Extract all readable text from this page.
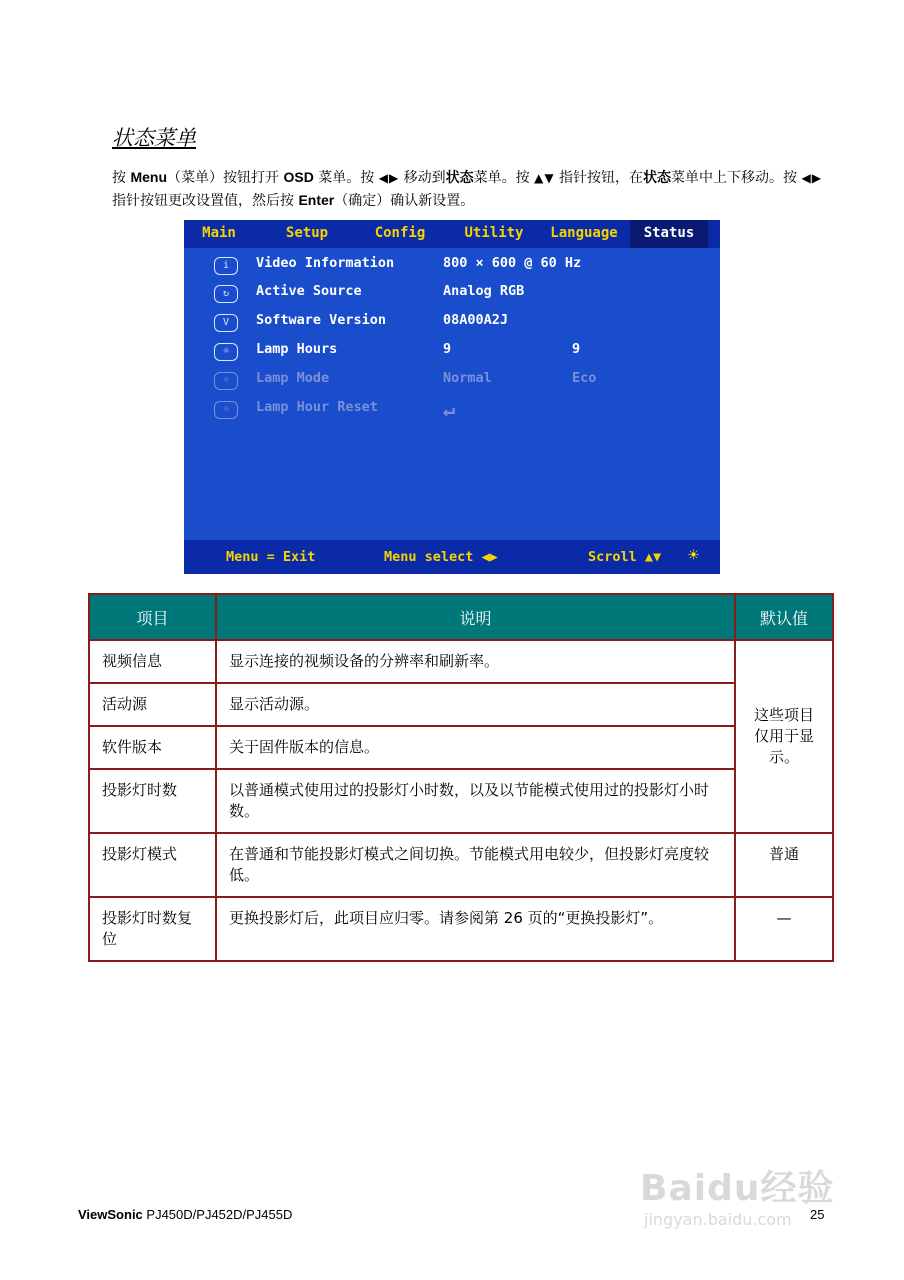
状态菜单
按 Menu（菜单）按钮打开 OSD 菜单。按 ◀▶ 移动到状态菜单。按 ▲▼ 指针按钮，在状态菜单中上下移动。按 ◀▶ 指针按钮更改设置值，然后按 Enter（确定）确认新设置。
Main	Setup	Config	Utility	Language	Status
i	Video Information	800 × 600 @ 60 Hz
↻	Active Source	Analog RGB
V	Software Version	08A00A2J
☼	Lamp Hours	9	9
☼	Lamp Mode	Normal	Eco
☼	Lamp Hour Reset	↵
Menu = Exit	Menu select ◀▶	Scroll ▲▼ ☀
项目	说明	默认值
视频信息	显示连接的视频设备的分辨率和刷新率。	这些项目仅用于显示。
活动源	显示活动源。	
软件版本	关于固件版本的信息。	
投影灯时数	以普通模式使用过的投影灯小时数，以及以节能模式使用过的投影灯小时数。	
投影灯模式	在普通和节能投影灯模式之间切换。节能模式用电较少，但投影灯亮度较低。	普通
投影灯时数复位	更换投影灯后，此项目应归零。请参阅第 26 页的“更换投影灯”。	—
ViewSonic PJ450D/PJ452D/PJ455D	25
Baidu经验
jingyan.baidu.com
